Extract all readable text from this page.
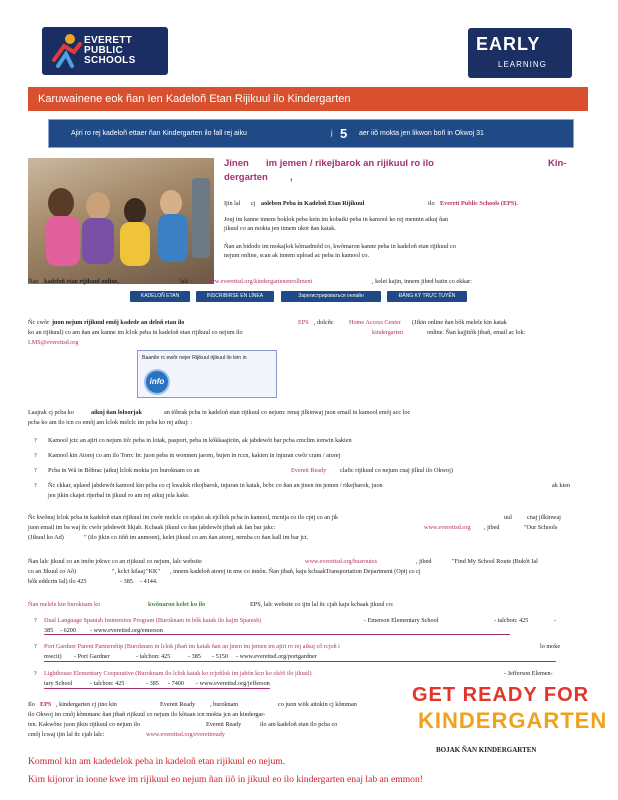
EVERETT
PUBLIC
SCHOOLS
EARLY
LEARNING
Karuwainene eok ñan Ien Kadeloñ Etan Rijikuul ilo Kindergarten
Ajiri ro rej kadeloñ ettaer ñan Kindergarten ilo fall rej aiku	j 5 aer iiõ mokta jen likwon boñ in Okwoj 31
Jinen im jemen / rikejbarok an rijikuul ro ilo	Kin-
dergarten ,
Ijin lal cj aoleben Peba in Kadeloñ Etan Rijikuul	ilo Everett Public Schools (EPS).
Jouj im kanne innem boklok peba kein im kobaiki peba in kamool ko rej mennin aikuj ñan
jikuul co an mokta jen innem ukot ñan katak.
Ñan an bidodo im mokajlok kõmadmõd co, kwõmaron kanne peba in kadeloñ etan rijikuul co
nejum online, scan ak innem upload ac peba in kamool co.
Ñan kadeloñ etan rijikuul online,	lalc : www.everettsd.org/kindergartenenrollment	, kelet kajin, innem jibed batin co ekkar:
KADELOÑ ETAN RIJIKUUL ILO
INSCRIBIRSE EN LÍNEA	Зарегистрироваться онлайн	ĐĂNG KÝ TRỰC TUYẾN
Ñc cwõr juon nejum rijikuul emõj kadede an deloñ etan ilo	EPS , dolcñc Home Access Center (Jikin online ñan bõk melele kin katak
ko an rijikuul) co am ñan am kanne im lclok peba in kadeloñ etan rijikuul co nejum ilo	kindergarten	online. Ñan kajjitõk jibañ, email ac lok:
LMS@everettsd.org
Baanile rc ewõr nejer Rijikuul rijikuul ilo lein in
info
Laajrak cj pcba ko	aikuj ñan loloorjak	an tõbrak pcba in kadeloñ etan rijikuul co nejum: renaj jilkinwaj juon email in kamool emõj acc loc
pcba ko am ilo icn co emõj am lclok melclc im pcba ko rej aikuj: :
? Kamool jctc an ajiri co nejum iiõ: peba in lotak, pasport, peba in kõkkaajiriin, ak jabdewõt bar pcba cmclim ionwin kakien
? Kamool kin Atorej co am ilo Torrc In: juon peba in wonmen jarom, bujen in rccn, kakien in injuran cwõr cram / atorej
? Pcba in Wã in Bõbrac (aikuj lclok mokta jcn buroknam co an	Everett Ready clafic rijikuul co nejum cnaj jilkul ilo Okwoj)
? Ñc ckkar, uplaod jabdewõt kamool kin pcba co cj kwalok rikojbarok, injuran in katak, bcbc co ñan an jinen im jemen / rikejbarok, juon	ak kien
jen jikin ckajet rijerbal in jikuul ro am rej aikuj jela kake.
Ñc kwõnaj lclok pcba in kadeloñ etan rijikuul im cwõr melclc co ejako ak ejcllok pcba in kamool, mcnija co ilo cpij co an jik	uul cnaj jilkinwaj
juon email im ba waj ñc cwõr jabdewõt likjab. Kcbaak jikuul co ñan jabdewõt jibañ ak fan bar jakc:	www.everettsd.org , jibed	"Our Schools
(Jikuul ko Ad)	" (ilo jikin co iiõñ im anmoen), kelet jikuul co am ñan atorej, nemba co ñan kall im bar jct.
Ñan lalc jikuul co an imõn jokwc co an rijikuul co nejum, lalc website	www.everettsd.org/busroutes	, jibed	"Find My School Route (Bukõt Ial
co an Jikuul co Aõ)	", kclct kilaaj "KK" , innem kadeloñ atorej in mw co innõn. Ñan jibañ, kaju kcbaakTransportation Department (Opij co cj
bõk eddcrin Ial) ilo 425	- 385 - 4144.
Ñan melele kin buroknam ko	kwõnaron kelet ko ilo	EPS, lalc website co ijin lal ñc cjab kaju kcbaak jikuul co:
? Dual Language Spanish Immersion Program (Buroknam in bõk katak ilo kajin Spanish)	- Emerson Elementary School	- talcbon: 425	-
385 - 6200 - www.everettsd.org/emerson
? Port Gardner Parent Partnership (Buroknam in lclok jibañ im katak ñan an jinen im jemen im ajiri ro rej aikuj cõ rcjoñ i	lo moke
mwcit) - Port Gardner	- talcbon: 425	- 385 - 5150 - www.everettsd.org/portgardner
? Lighthouse Elementary Cooperative (Buroknam ilo lclok katak ko rcjoñlok im jabõn kcn ko ckõõ ilo jikuul)	- Jefferson Elemen-
tary School	- talcbon: 425	- 385 - 7400 - www.everettsd.org/jefferson
Ilo EPS , kindergarten cj jino kin	Everett Ready , buroknam	co juon wiik aitokin cj kõmman
ilo Okwoj im cmõj kõmmanc ñan jibañ rijikuul co nejum ilo kõtaan icn mokta jcn an kindergar-
ten. Kakwõnc juon jikin rijikuul co nejum ilo	Everett Ready	ilo am kadeloñ etan ilo pcba co
cmõj lcwaj ijin lal ñc cjab lalc:	www.everettsd.org/everettready
GET READY FOR
KINDERGARTEN
BOJAK ÑAN KINDERGARTEN
Kommol kin am kadedelok peba in kadeloñ etan rijikuul eo nejum.
Kim kijoror in ioone kwe im rijikuul eo nejum ñan iiõ in jikuul eo ilo kindergarten enaj lab an emmon!
